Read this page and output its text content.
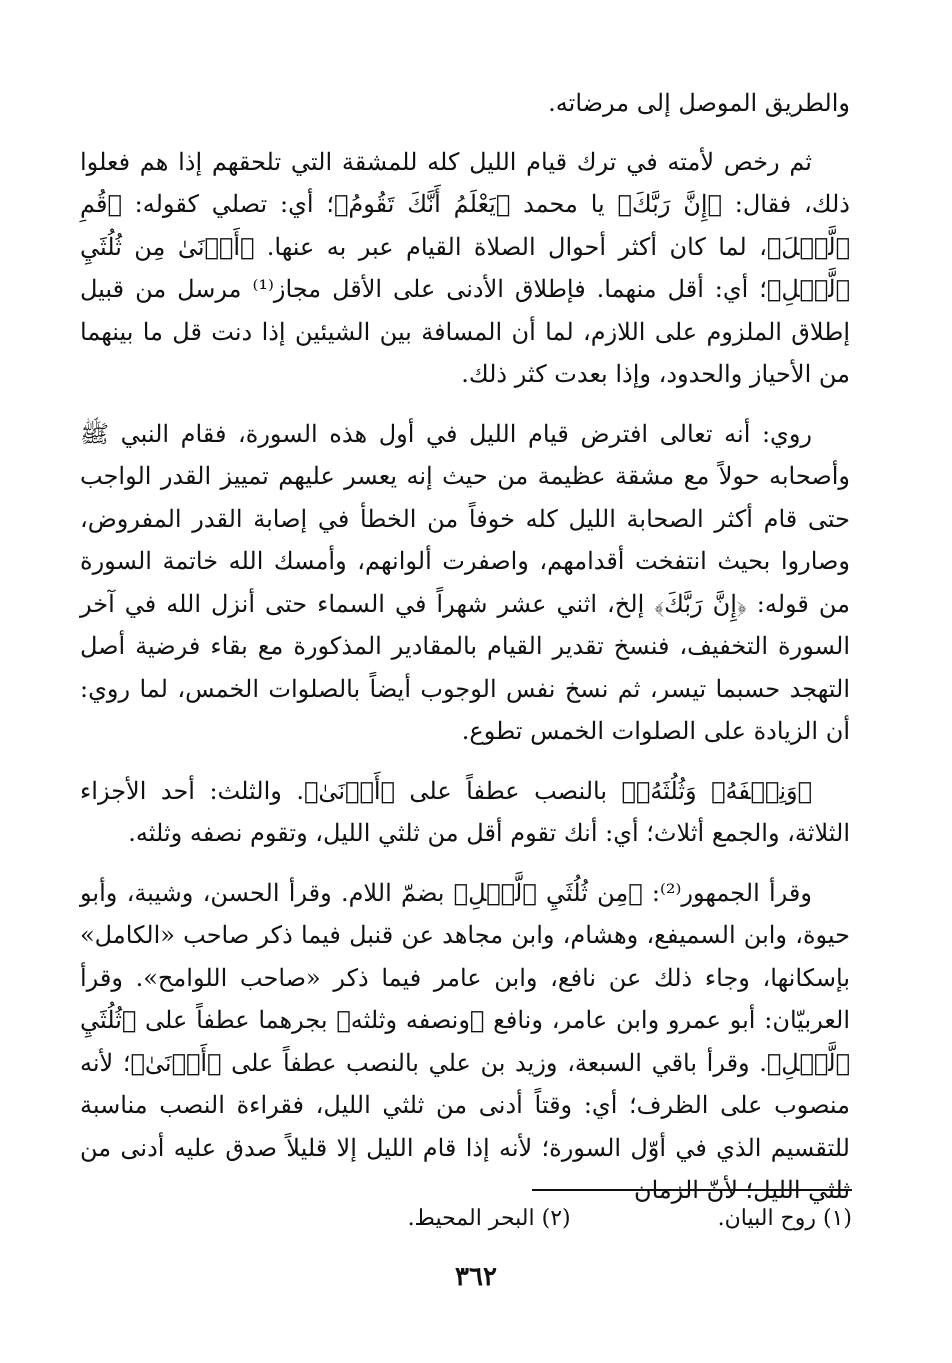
والطريق الموصل إلى مرضاته.

ثم رخص لأمته في ترك قيام الليل كله للمشقة التي تلحقهم إذا هم فعلوا ذلك، فقال: ﴿إِنَّ رَبَّكَ﴾ يا محمد ﴿يَعْلَمُ أَنَّكَ تَقُومُ﴾؛ أي: تصلي كقوله: ﴿قُمِ ٱلَّيۡلَ﴾، لما كان أكثر أحوال الصلاة القيام عبر به عنها. ﴿أَدۡنَىٰ مِن ثُلُثَيِ ٱلَّيۡلِ﴾؛ أي: أقل منهما. فإطلاق الأدنى على الأقل مجاز⁽¹⁾ مرسل من قبيل إطلاق الملزوم على اللازم، لما أن المسافة بين الشيئين إذا دنت قل ما بينهما من الأحياز والحدود، وإذا بعدت كثر ذلك.

روي: أنه تعالى افترض قيام الليل في أول هذه السورة، فقام النبي ﷺ وأصحابه حولاً مع مشقة عظيمة من حيث إنه يعسر عليهم تمييز القدر الواجب حتى قام أكثر الصحابة الليل كله خوفاً من الخطأ في إصابة القدر المفروض، وصاروا بحيث انتفخت أقدامهم، واصفرت ألوانهم، وأمسك الله خاتمة السورة من قوله: ﴿إِنَّ رَبَّكَ﴾ إلخ، اثني عشر شهراً في السماء حتى أنزل الله في آخر السورة التخفيف، فنسخ تقدير القيام بالمقادير المذكورة مع بقاء فرضية أصل التهجد حسبما تيسر، ثم نسخ نفس الوجوب أيضاً بالصلوات الخمس، لما روي: أن الزيادة على الصلوات الخمس تطوع.

﴿وَنِصۡفَهُۥ وَثُلُثَهُۥ﴾ بالنصب عطفاً على ﴿أَدۡنَىٰ﴾. والثلث: أحد الأجزاء الثلاثة، والجمع أثلاث؛ أي: أنك تقوم أقل من ثلثي الليل، وتقوم نصفه وثلثه.

وقرأ الجمهور⁽²⁾: ﴿مِن ثُلُثَيِ ٱلَّيۡلِ﴾ بضمّ اللام. وقرأ الحسن، وشيبة، وأبو حيوة، وابن السميفع، وهشام، وابن مجاهد عن قنبل فيما ذكر صاحب «الكامل» بإسكانها، وجاء ذلك عن نافع، وابن عامر فيما ذكر «صاحب اللوامح». وقرأ العربيّان: أبو عمرو وابن عامر، ونافع ﴿ونصفه وثلثه﴾ بجرهما عطفاً على ﴿ثُلُثَيِ ٱلَّيۡلِ﴾. وقرأ باقي السبعة، وزيد بن علي بالنصب عطفاً على ﴿أَدۡنَىٰ﴾؛ لأنه منصوب على الظرف؛ أي: وقتاً أدنى من ثلثي الليل، فقراءة النصب مناسبة للتقسيم الذي في أوّل السورة؛ لأنه إذا قام الليل إلا قليلاً صدق عليه أدنى من ثلثي الليل؛ لأنّ الزمان

(١) روح البيان. (٢) البحر المحيط.
٣٦٢
